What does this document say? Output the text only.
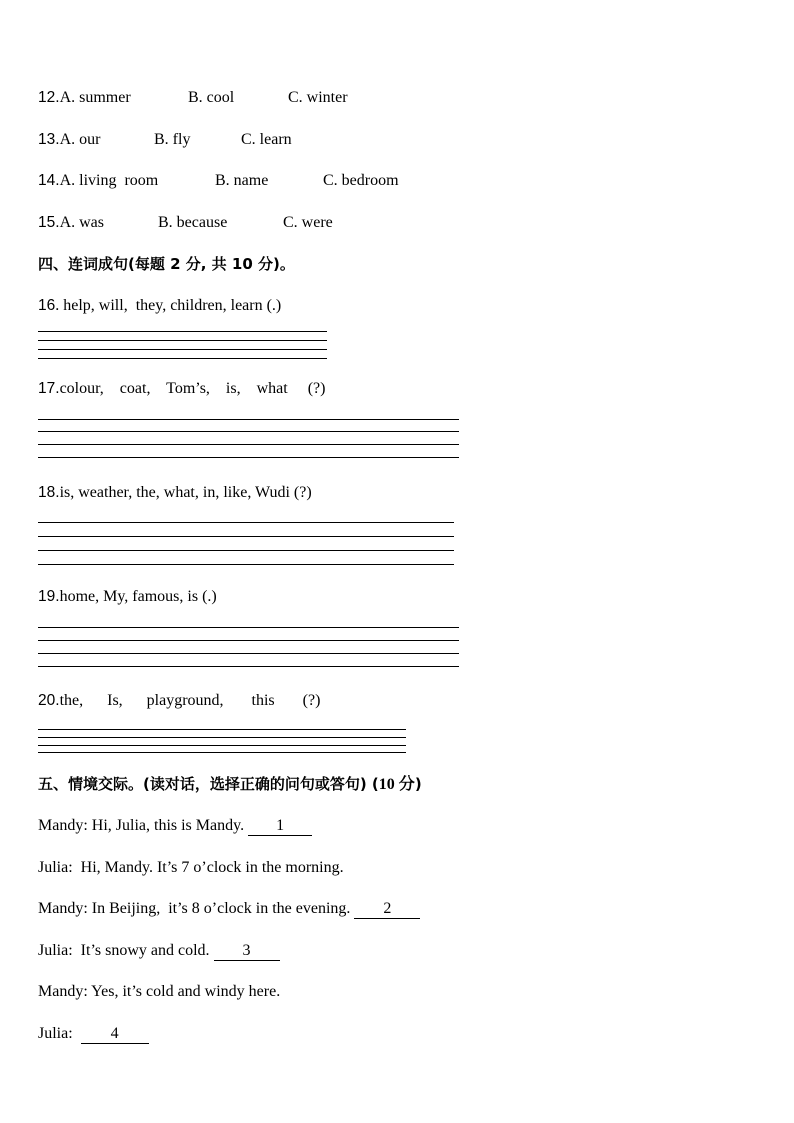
12.A. summer	B. cool	C. winter
13.A. our	B. fly	C. learn
14.A. living  room	B. name	C. bedroom
15.A. was	B. because	C. were
四、连词成句(每题 2 分, 共 10 分)。
16. help, will,  they, children, learn (.)
17.colour,    coat,    Tom’s,    is,    what     (?)
18.is, weather, the, what, in, like, Wudi (?)
19.home, My, famous, is (.)
20.the,      Is,      playground,       this       (?)
五、情境交际。(读对话，选择正确的问句或答句) (10 分)
Mandy: Hi, Julia, this is Mandy. 1
Julia:  Hi, Mandy. It’s 7 o’clock in the morning.
Mandy: In Beijing,  it’s 8 o’clock in the evening. 2
Julia:  It’s snowy and cold. 3
Mandy: Yes, it’s cold and windy here.
Julia:  4
